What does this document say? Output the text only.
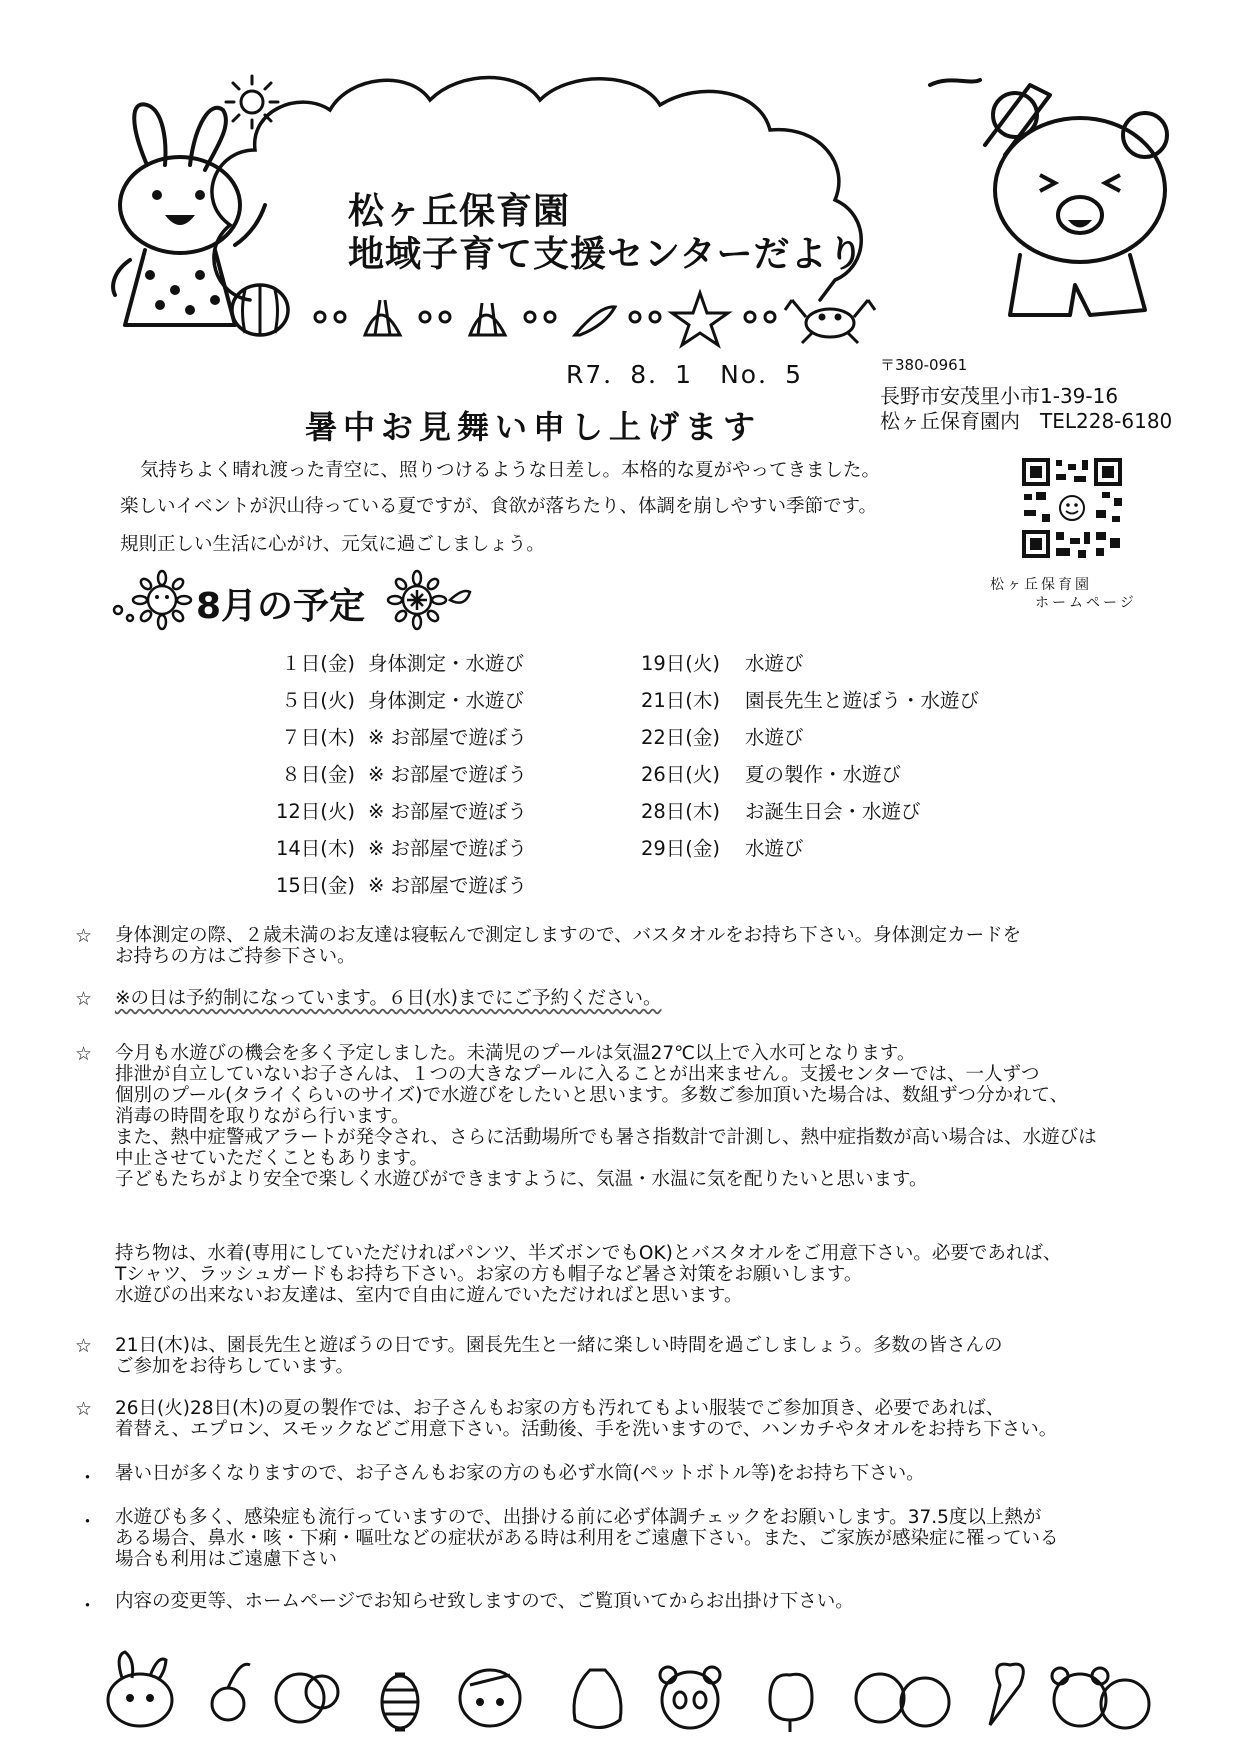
松ヶ丘保育園
地域子育て支援センターだより
R7．8．1　No．5	〒380-0961
長野市安茂里小市1-39-16
松ヶ丘保育園内　TEL228-6180
暑中お見舞い申し上げます
気持ちよく晴れ渡った青空に、照りつけるような日差し。本格的な夏がやってきました。
楽しいイベントが沢山待っている夏ですが、食欲が落ちたり、体調を崩しやすい季節です。
規則正しい生活に心がけ、元気に過ごしましょう。
松ヶ丘保育園
ホームページ
8月の予定
１日(金) 身体測定・水遊び
５日(火) 身体測定・水遊び
７日(木) ※ お部屋で遊ぼう
８日(金) ※ お部屋で遊ぼう
12日(火) ※ お部屋で遊ぼう
14日(木) ※ お部屋で遊ぼう
15日(金) ※ お部屋で遊ぼう
19日(火) 水遊び
21日(木) 園長先生と遊ぼう・水遊び
22日(金) 水遊び
26日(火) 夏の製作・水遊び
28日(木) お誕生日会・水遊び
29日(金) 水遊び
☆ 身体測定の際、２歳未満のお友達は寝転んで測定しますので、バスタオルをお持ち下さい。身体測定カードを
お持ちの方はご持参下さい。
☆ ※の日は予約制になっています。６日(水)までにご予約ください。
☆ 今月も水遊びの機会を多く予定しました。未満児のプールは気温27℃以上で入水可となります。
排泄が自立していないお子さんは、１つの大きなプールに入ることが出来ません。支援センターでは、一人ずつ
個別のプール(タライくらいのサイズ)で水遊びをしたいと思います。多数ご参加頂いた場合は、数組ずつ分かれて、
消毒の時間を取りながら行います。
また、熱中症警戒アラートが発令され、さらに活動場所でも暑さ指数計で計測し、熱中症指数が高い場合は、水遊びは
中止させていただくこともあります。
子どもたちがより安全で楽しく水遊びができますように、気温・水温に気を配りたいと思います。
持ち物は、水着(専用にしていただければパンツ、半ズボンでもOK)とバスタオルをご用意下さい。必要であれば、
Tシャツ、ラッシュガードもお持ち下さい。お家の方も帽子など暑さ対策をお願いします。
水遊びの出来ないお友達は、室内で自由に遊んでいただければと思います。
☆ 21日(木)は、園長先生と遊ぼうの日です。園長先生と一緒に楽しい時間を過ごしましょう。多数の皆さんの
ご参加をお待ちしています。
☆ 26日(火)28日(木)の夏の製作では、お子さんもお家の方も汚れてもよい服装でご参加頂き、必要であれば、
着替え、エプロン、スモックなどご用意下さい。活動後、手を洗いますので、ハンカチやタオルをお持ち下さい。
・ 暑い日が多くなりますので、お子さんもお家の方のも必ず水筒(ペットボトル等)をお持ち下さい。
・ 水遊びも多く、感染症も流行っていますので、出掛ける前に必ず体調チェックをお願いします。37.5度以上熱が
ある場合、鼻水・咳・下痢・嘔吐などの症状がある時は利用をご遠慮下さい。また、ご家族が感染症に罹っている
場合も利用はご遠慮下さい
・ 内容の変更等、ホームページでお知らせ致しますので、ご覧頂いてからお出掛け下さい。
